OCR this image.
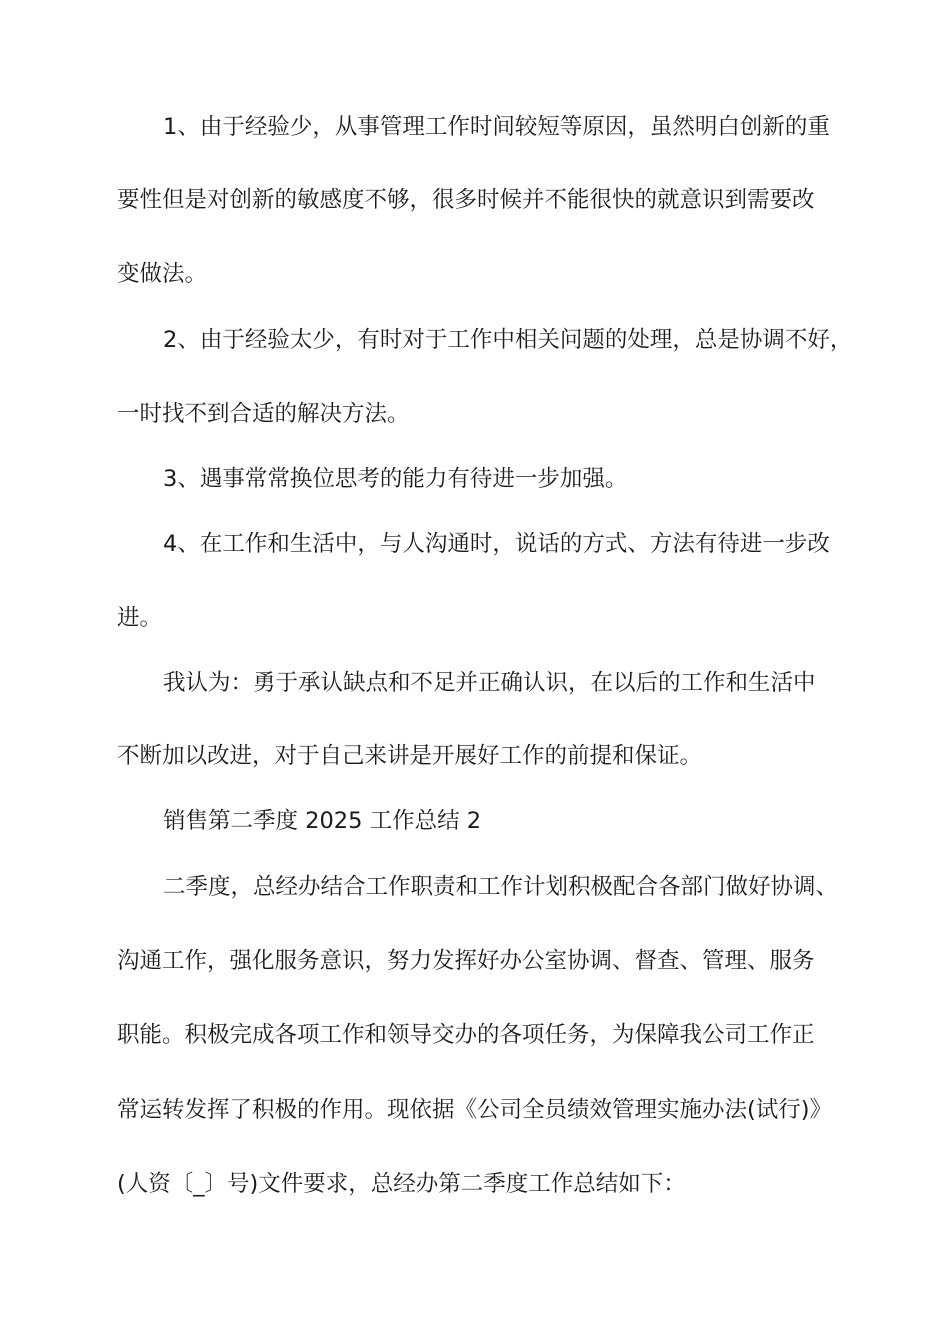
1、由于经验少，从事管理工作时间较短等原因，虽然明白创新的重
要性但是对创新的敏感度不够，很多时候并不能很快的就意识到需要改
变做法。
2、由于经验太少，有时对于工作中相关问题的处理，总是协调不好，
一时找不到合适的解决方法。
3、遇事常常换位思考的能力有待进一步加强。
4、在工作和生活中，与人沟通时，说话的方式、方法有待进一步改
进。
我认为：勇于承认缺点和不足并正确认识，在以后的工作和生活中
不断加以改进，对于自己来讲是开展好工作的前提和保证。
销售第二季度 2025 工作总结 2
二季度，总经办结合工作职责和工作计划积极配合各部门做好协调、
沟通工作，强化服务意识，努力发挥好办公室协调、督查、管理、服务
职能。积极完成各项工作和领导交办的各项任务，为保障我公司工作正
常运转发挥了积极的作用。现依据《公司全员绩效管理实施办法(试行)》
(人资〔_〕号)文件要求，总经办第二季度工作总结如下：
